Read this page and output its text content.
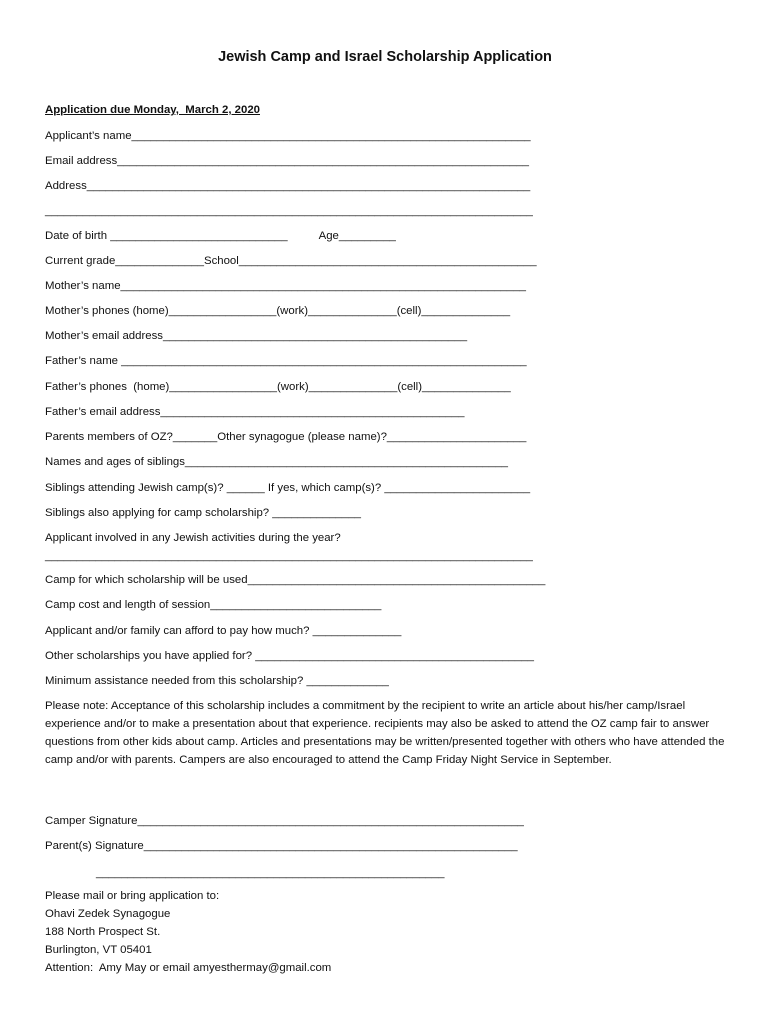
Jewish Camp and Israel Scholarship Application
Application due Monday,  March 2, 2020
Applicant’s name_______________________________________________________________
Email address_________________________________________________________________
Address______________________________________________________________________
_____________________________________________________________________________
Date of birth ____________________________          Age_________
Current grade______________School_______________________________________________
Mother’s name________________________________________________________________
Mother’s phones (home)_________________(work)______________(cell)______________
Mother’s email address________________________________________________
Father’s name ________________________________________________________________
Father’s phones  (home)_________________(work)______________(cell)______________
Father’s email address________________________________________________
Parents members of OZ?_______Other synagogue (please name)?______________________
Names and ages of siblings___________________________________________________
Siblings attending Jewish camp(s)? ______ If yes, which camp(s)? _______________________
Siblings also applying for camp scholarship? ______________
Applicant involved in any Jewish activities during the year?
_____________________________________________________________________________
Camp for which scholarship will be used_______________________________________________
Camp cost and length of session___________________________
Applicant and/or family can afford to pay how much? ______________
Other scholarships you have applied for? ____________________________________________
Minimum assistance needed from this scholarship? _____________
Please note: Acceptance of this scholarship includes a commitment by the recipient to write an article about his/her camp/Israel experience and/or to make a presentation about that experience. recipients may also be asked to attend the OZ camp fair to answer questions from other kids about camp. Articles and presentations may be written/presented together with others who have attended the camp and/or with parents. Campers are also encouraged to attend the Camp Friday Night Service in September.
Camper Signature_____________________________________________________________
Parent(s) Signature___________________________________________________________
_______________________________________________________
Please mail or bring application to:
Ohavi Zedek Synagogue
188 North Prospect St.
Burlington, VT 05401
Attention:  Amy May or email amyesthermay@gmail.com
